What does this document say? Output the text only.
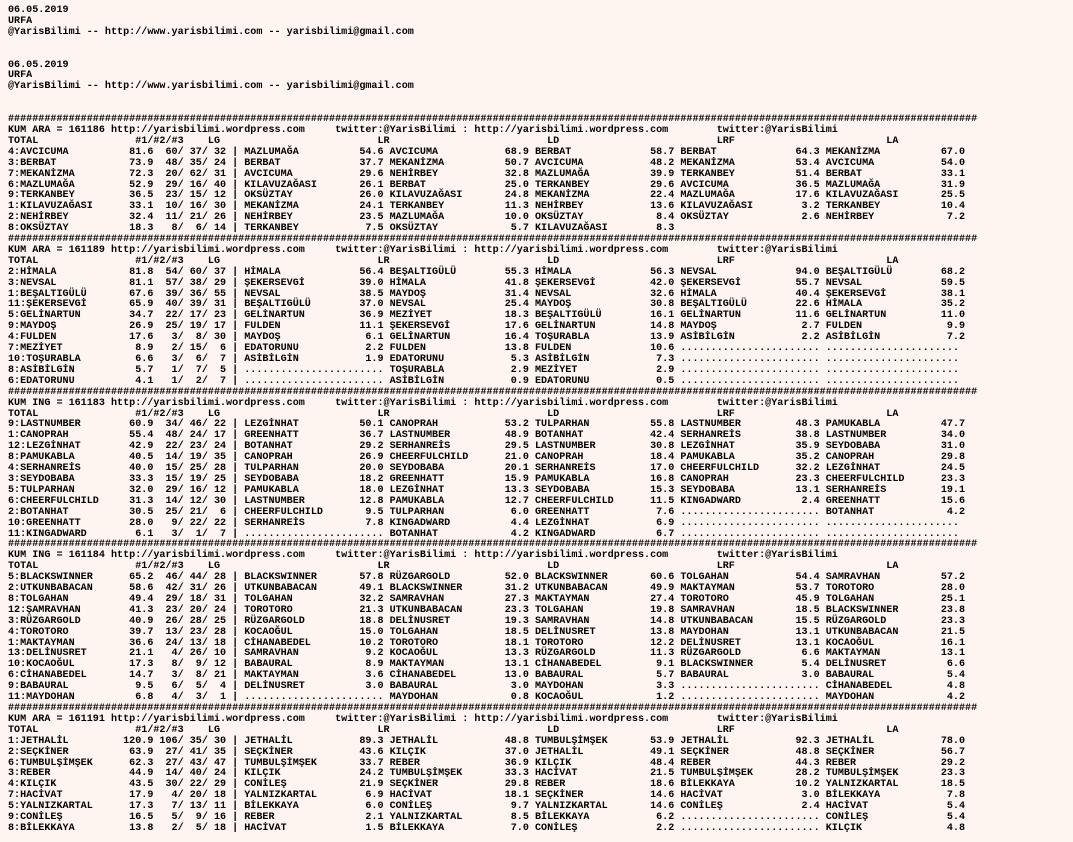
06.05.2019
URFA
@YarisBilimi -- http://www.yarisbilimi.com -- yarisbilimi@gmail.com

06.05.2019
URFA
@YarisBilimi -- http://www.yarisbilimi.com -- yarisbilimi@gmail.com

################################################################################################################################################################
KUM ARA = 161186 http://yarisbilimi.wordpress.com     twitter:@YarisBilimi : http://yarisbilimi.wordpress.com        twitter:@YarisBilimi
TOTAL                #1/#2/#3    LG                          LR                          LD                          LRF                         LA
4:AVCICUMA          81.6  60/ 37/ 32 | MAZLUMAĞA          54.6 AVCICUMA           68.9 BERBAT             58.7 BERBAT             64.3 MEKANİZMA          67.0
3:BERBAT            73.9  48/ 35/ 24 | BERBAT             37.7 MEKANİZMA          50.7 AVCICUMA           48.2 MEKANİZMA          53.4 AVCICUMA           54.0
7:MEKANİZMA         72.3  20/ 62/ 31 | AVCICUMA           29.6 NEHİRBEY           32.8 MAZLUMAĞA          39.9 TERKANBEY          51.4 BERBAT             33.1
6:MAZLUMAĞA         52.9  29/ 16/ 40 | KILAVUZAĞASI       26.1 BERBAT             25.0 TERKANBEY          29.6 AVCICUMA           36.5 MAZLUMAĞA          31.9
9:TERKANBEY         36.5  23/ 15/ 12 | OKSÜZTAY           26.0 KILAVUZAĞASI       24.8 MEKANİZMA          22.4 MAZLUMAĞA          17.6 KILAVUZAĞASI       25.5
1:KILAVUZAĞASI      33.1  10/ 16/ 30 | MEKANİZMA          24.1 TERKANBEY          11.3 NEHİRBEY           13.6 KILAVUZAĞASI        3.2 TERKANBEY          10.4
2:NEHİRBEY          32.4  11/ 21/ 26 | NEHİRBEY           23.5 MAZLUMAĞA          10.0 OKSÜZTAY            8.4 OKSÜZTAY            2.6 NEHİRBEY            7.2
8:OKSÜZTAY          18.3   8/  6/ 14 | TERKANBEY           7.5 OKSÜZTAY            5.7 KILAVUZAĞASI        8.3
################################################################################################################################################################
KUM ARA = 161189 http://yarisbilimi.wordpress.com     twitter:@YarisBilimi : http://yarisbilimi.wordpress.com        twitter:@YarisBilimi
TOTAL                #1/#2/#3    LG                          LR                          LD                          LRF                         LA
2:HİMALA            81.8  54/ 60/ 37 | HİMALA             56.4 BEŞALTIGÜLÜ        55.3 HİMALA             56.3 NEVSAL             94.0 BEŞALTIGÜLÜ        68.2
3:NEVSAL            81.1  57/ 38/ 29 | ŞEKERSEVGİ         39.0 HİMALA             41.8 ŞEKERSEVGİ         42.0 ŞEKERSEVGİ         55.7 NEVSAL             59.5
1:BEŞALTIGÜLÜ       67.6  39/ 36/ 55 | NEVSAL             38.5 MAYDOŞ             31.4 NEVSAL             32.6 HİMALA             40.4 ŞEKERSEVGİ         38.1
11:ŞEKERSEVGİ       65.9  40/ 39/ 31 | BEŞALTIGÜLÜ        37.0 NEVSAL             25.4 MAYDOŞ             30.8 BEŞALTIGÜLÜ        22.6 HİMALA             35.2
5:GELİNARTUN        34.7  22/ 17/ 23 | GELİNARTUN         36.9 MEZİYET            18.3 BEŞALTIGÜLÜ        16.1 GELİNARTUN         11.6 GELİNARTUN         11.0
9:MAYDOŞ            26.9  25/ 19/ 17 | FULDEN             11.1 ŞEKERSEVGİ         17.6 GELİNARTUN         14.8 MAYDOŞ              2.7 FULDEN              9.9
4:FULDEN            17.6   3/  8/ 30 | MAYDOŞ              6.1 GELİNARTUN         16.4 TOŞURABLA          13.9 ASİBİLGİN           2.2 ASİBİLGİN           7.2
7:MEZİYET            8.9   2/ 15/  6 | EDATORUNU           2.2 FULDEN             13.8 FULDEN             10.6 ....................... ......................
10:TOŞURABLA         6.6   3/  6/  7 | ASİBİLGİN           1.9 EDATORUNU           5.3 ASİBİLGİN           7.3 ....................... ......................
8:ASİBİLGİN          5.7   1/  7/  5 | ....................... TOŞURABLA           2.9 MEZİYET             2.9 ....................... ......................
6:EDATORUNU          4.1   1/  2/  7 | ....................... ASİBİLGİN           0.9 EDATORUNU           0.5 ....................... ......................
################################################################################################################################################################
KUM ING = 161183 http://yarisbilimi.wordpress.com     twitter:@YarisBilimi : http://yarisbilimi.wordpress.com        twitter:@YarisBilimi
TOTAL                #1/#2/#3    LG                          LR                          LD                          LRF                         LA
9:LASTNUMBER        60.9  34/ 46/ 22 | LEZGİNHAT          50.1 CANOPRAH           53.2 TULPARHAN          55.8 LASTNUMBER         48.3 PAMUKABLA          47.7
1:CANOPRAH          55.4  48/ 24/ 17 | GREENHATT          36.7 LASTNUMBER         48.9 BOTANHAT           42.4 SERHANREİS         38.8 LASTNUMBER         34.0
12:LEZGİNHAT        42.9  22/ 23/ 24 | BOTANHAT           29.2 SERHANREİS         29.5 LASTNUMBER         30.8 LEZGİNHAT          35.9 SEYDOBABA          31.0
8:PAMUKABLA         40.5  14/ 19/ 35 | CANOPRAH           26.9 CHEERFULCHILD      21.0 CANOPRAH           18.4 PAMUKABLA          35.2 CANOPRAH           29.8
4:SERHANREİS        40.0  15/ 25/ 28 | TULPARHAN          20.0 SEYDOBABA          20.1 SERHANREİS         17.0 CHEERFULCHILD      32.2 LEZGİNHAT          24.5
3:SEYDOBABA         33.3  15/ 19/ 25 | SEYDOBABA          18.2 GREENHATT          15.9 PAMUKABLA          16.8 CANOPRAH           23.3 CHEERFULCHILD      23.3
5:TULPARHAN         32.0  29/ 16/ 12 | PAMUKABLA          18.0 LEZGİNHAT          13.3 SEYDOBABA          15.3 SEYDOBABA          13.1 SERHANREİS         19.1
6:CHEERFULCHILD     31.3  14/ 12/ 30 | LASTNUMBER         12.8 PAMUKABLA          12.7 CHEERFULCHILD      11.5 KINGADWARD          2.4 GREENHATT          15.6
2:BOTANHAT          30.5  25/ 21/  6 | CHEERFULCHILD       9.5 TULPARHAN           6.0 GREENHATT           7.6 ....................... BOTANHAT            4.2
10:GREENHATT        28.0   9/ 22/ 22 | SERHANREİS          7.8 KINGADWARD          4.4 LEZGİNHAT           6.9 ....................... ......................
11:KINGADWARD        6.1   3/  1/  7 | ....................... BOTANHAT            4.2 KINGADWARD          6.7 ....................... ......................
################################################################################################################################################################
KUM ING = 161184 http://yarisbilimi.wordpress.com     twitter:@YarisBilimi : http://yarisbilimi.wordpress.com        twitter:@YarisBilimi
TOTAL                #1/#2/#3    LG                          LR                          LD                          LRF                         LA
5:BLACKSWINNER      65.2  46/ 44/ 28 | BLACKSWINNER       57.8 RÜZGARGOLD         52.0 BLACKSWINNER       60.6 TOLGAHAN           54.4 SAMRAVHAN          57.2
2:UTKUNBABACAN      58.6  42/ 31/ 26 | UTKUNBABACAN       49.1 BLACKSWINNER       31.2 UTKUNBABACAN       49.9 MAKTAYMAN          53.7 TOROTORO           28.0
8:TOLGAHAN          49.4  29/ 18/ 31 | TOLGAHAN           32.2 SAMRAVHAN          27.3 MAKTAYMAN          27.4 TOROTORO           45.9 TOLGAHAN           25.1
12:ŞAMRAVHAN        41.3  23/ 20/ 24 | TOROTORO           21.3 UTKUNBABACAN       23.3 TOLGAHAN           19.8 SAMRAVHAN          18.5 BLACKSWINNER       23.8
3:RÜZGARGOLD        40.9  26/ 28/ 25 | RÜZGARGOLD         18.8 DELİNUSRET         19.3 SAMRAVHAN          14.8 UTKUNBABACAN       15.5 RÜZGARGOLD         23.3
4:TOROTORO          39.7  13/ 23/ 28 | KOCAOĞUL           15.0 TOLGAHAN           18.5 DELİNUSRET         13.8 MAYDOHAN           13.1 UTKUNBABACAN       21.5
1:MAKTAYMAN         36.6  24/ 13/ 18 | CİHANABEDEL        10.2 TOROTORO           18.1 TOROTORO           12.2 DELİNUSRET         13.1 KOCAOĞUL           16.1
13:DELİNUSRET       21.1   4/ 26/ 10 | SAMRAVHAN           9.2 KOCAOĞUL           13.3 RÜZGARGOLD         11.3 RÜZGARGOLD          6.6 MAKTAYMAN          13.1
10:KOCAOĞUL         17.3   8/  9/ 12 | BABAURAL            8.9 MAKTAYMAN          13.1 CİHANABEDEL         9.1 BLACKSWINNER        5.4 DELİNUSRET          6.6
6:CİHANABEDEL       14.7   3/  8/ 21 | MAKTAYMAN           3.6 CİHANABEDEL        13.0 BABAURAL            5.7 BABAURAL            3.0 BABAURAL            5.4
9:BABAURAL           9.5   6/  5/  4 | DELİNUSRET          3.0 BABAURAL            3.0 MAYDOHAN            3.3 ....................... CİHANABEDEL         4.8
11:MAYDOHAN          6.8   4/  3/  1 | ....................... MAYDOHAN            0.8 KOCAOĞUL            1.2 ....................... MAYDOHAN            4.2
################################################################################################################################################################
KUM ARA = 161191 http://yarisbilimi.wordpress.com     twitter:@YarisBilimi : http://yarisbilimi.wordpress.com        twitter:@YarisBilimi
TOTAL                #1/#2/#3    LG                          LR                          LD                          LRF                         LA
1:JETHALİL         120.9 106/ 35/ 30 | JETHALİL           89.3 JETHALİL           48.8 TUMBULŞİMŞEK       53.9 JETHALİL           92.3 JETHALİL           78.0
2:SEÇKİNER          63.9  27/ 41/ 35 | SEÇKİNER           43.6 KILÇIK             37.0 JETHALİL           49.1 SEÇKİNER           48.8 SEÇKİNER           56.7
6:TUMBULŞİMŞEK      62.3  27/ 43/ 47 | TUMBULŞİMŞEK       33.7 REBER              36.9 KILÇIK             48.4 REBER              44.3 REBER              29.2
3:REBER             44.9  14/ 40/ 24 | KILÇIK             24.2 TUMBULŞİMŞEK       33.3 HACİVAT            21.5 TUMBULŞİMŞEK       28.2 TUMBULŞİMŞEK       23.3
4:KILÇIK            43.5  30/ 22/ 29 | CONİLEŞ            21.9 SEÇKİNER           29.8 REBER              18.6 BİLEKKAYA          10.2 YALNIZKARTAL       18.5
7:HACİVAT           17.9   4/ 20/ 18 | YALNIZKARTAL        6.9 HACİVAT            18.1 SEÇKİNER           14.6 HACİVAT             3.0 BİLEKKAYA           7.8
5:YALNIZKARTAL      17.3   7/ 13/ 11 | BİLEKKAYA           6.0 CONİLEŞ             9.7 YALNIZKARTAL       14.6 CONİLEŞ             2.4 HACİVAT             5.4
9:CONİLEŞ           16.5   5/  9/ 16 | REBER               2.1 YALNIZKARTAL        8.5 BİLEKKAYA           6.2 ....................... CONİLEŞ             5.4
8:BİLEKKAYA         13.8   2/  5/ 18 | HACİVAT             1.5 BİLEKKAYA           7.0 CONİLEŞ             2.2 ....................... KILÇIK              4.8
